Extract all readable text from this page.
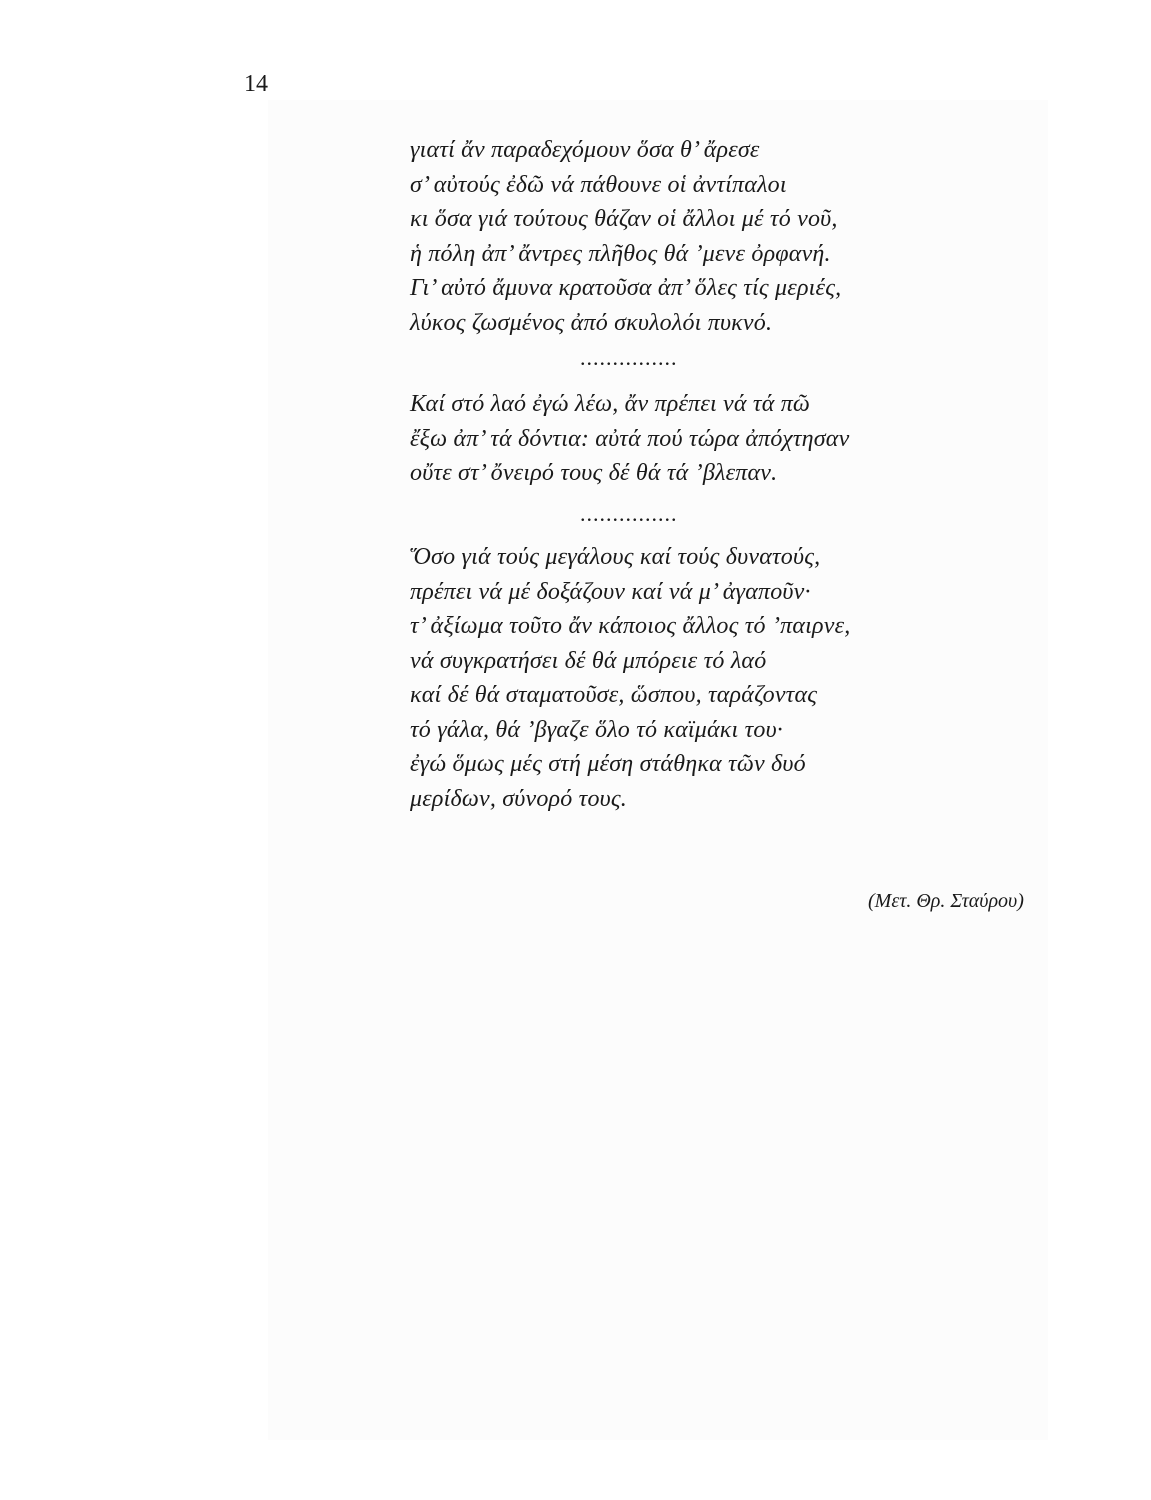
14
γιατί ἄν παραδεχόμουν ὅσα θ’ ἄρεσε
σ’ αὐτούς ἐδῶ νά πάθουνε οἱ ἀντίπαλοι
κι ὅσα γιά τούτους θάζαν οἱ ἄλλοι μέ τό νοῦ,
ἡ πόλη ἀπ’ ἄντρες πλῆθος θά ’μενε ὀρφανή.
Γι’ αὐτό ἄμυνα κρατοῦσα ἀπ’ ὅλες τίς μεριές,
λύκος ζωσμένος ἀπό σκυλολόι πυκνό.
...............
Καί στό λαό ἐγώ λέω, ἄν πρέπει νά τά πῶ
ἔξω ἀπ’ τά δόντια: αὐτά πού τώρα ἀπόχτησαν
οὔτε στ’ ὄνειρό τους δέ θά τά ’βλεπαν.
...............
Ὅσο γιά τούς μεγάλους καί τούς δυνατούς,
πρέπει νά μέ δοξάζουν καί νά μ’ ἀγαποῦν·
τ’ ἀξίωμα τοῦτο ἄν κάποιος ἄλλος τό ’παιρνε,
νά συγκρατήσει δέ θά μπόρειε τό λαό
καί δέ θά σταματοῦσε, ὥσπου, ταράζοντας
τό γάλα, θά ’βγαζε ὅλο τό καϊμάκι του·
ἐγώ ὅμως μές στή μέση στάθηκα τῶν δυό
μερίδων, σύνορό τους.
(Μετ. Θρ. Σταύρου)
